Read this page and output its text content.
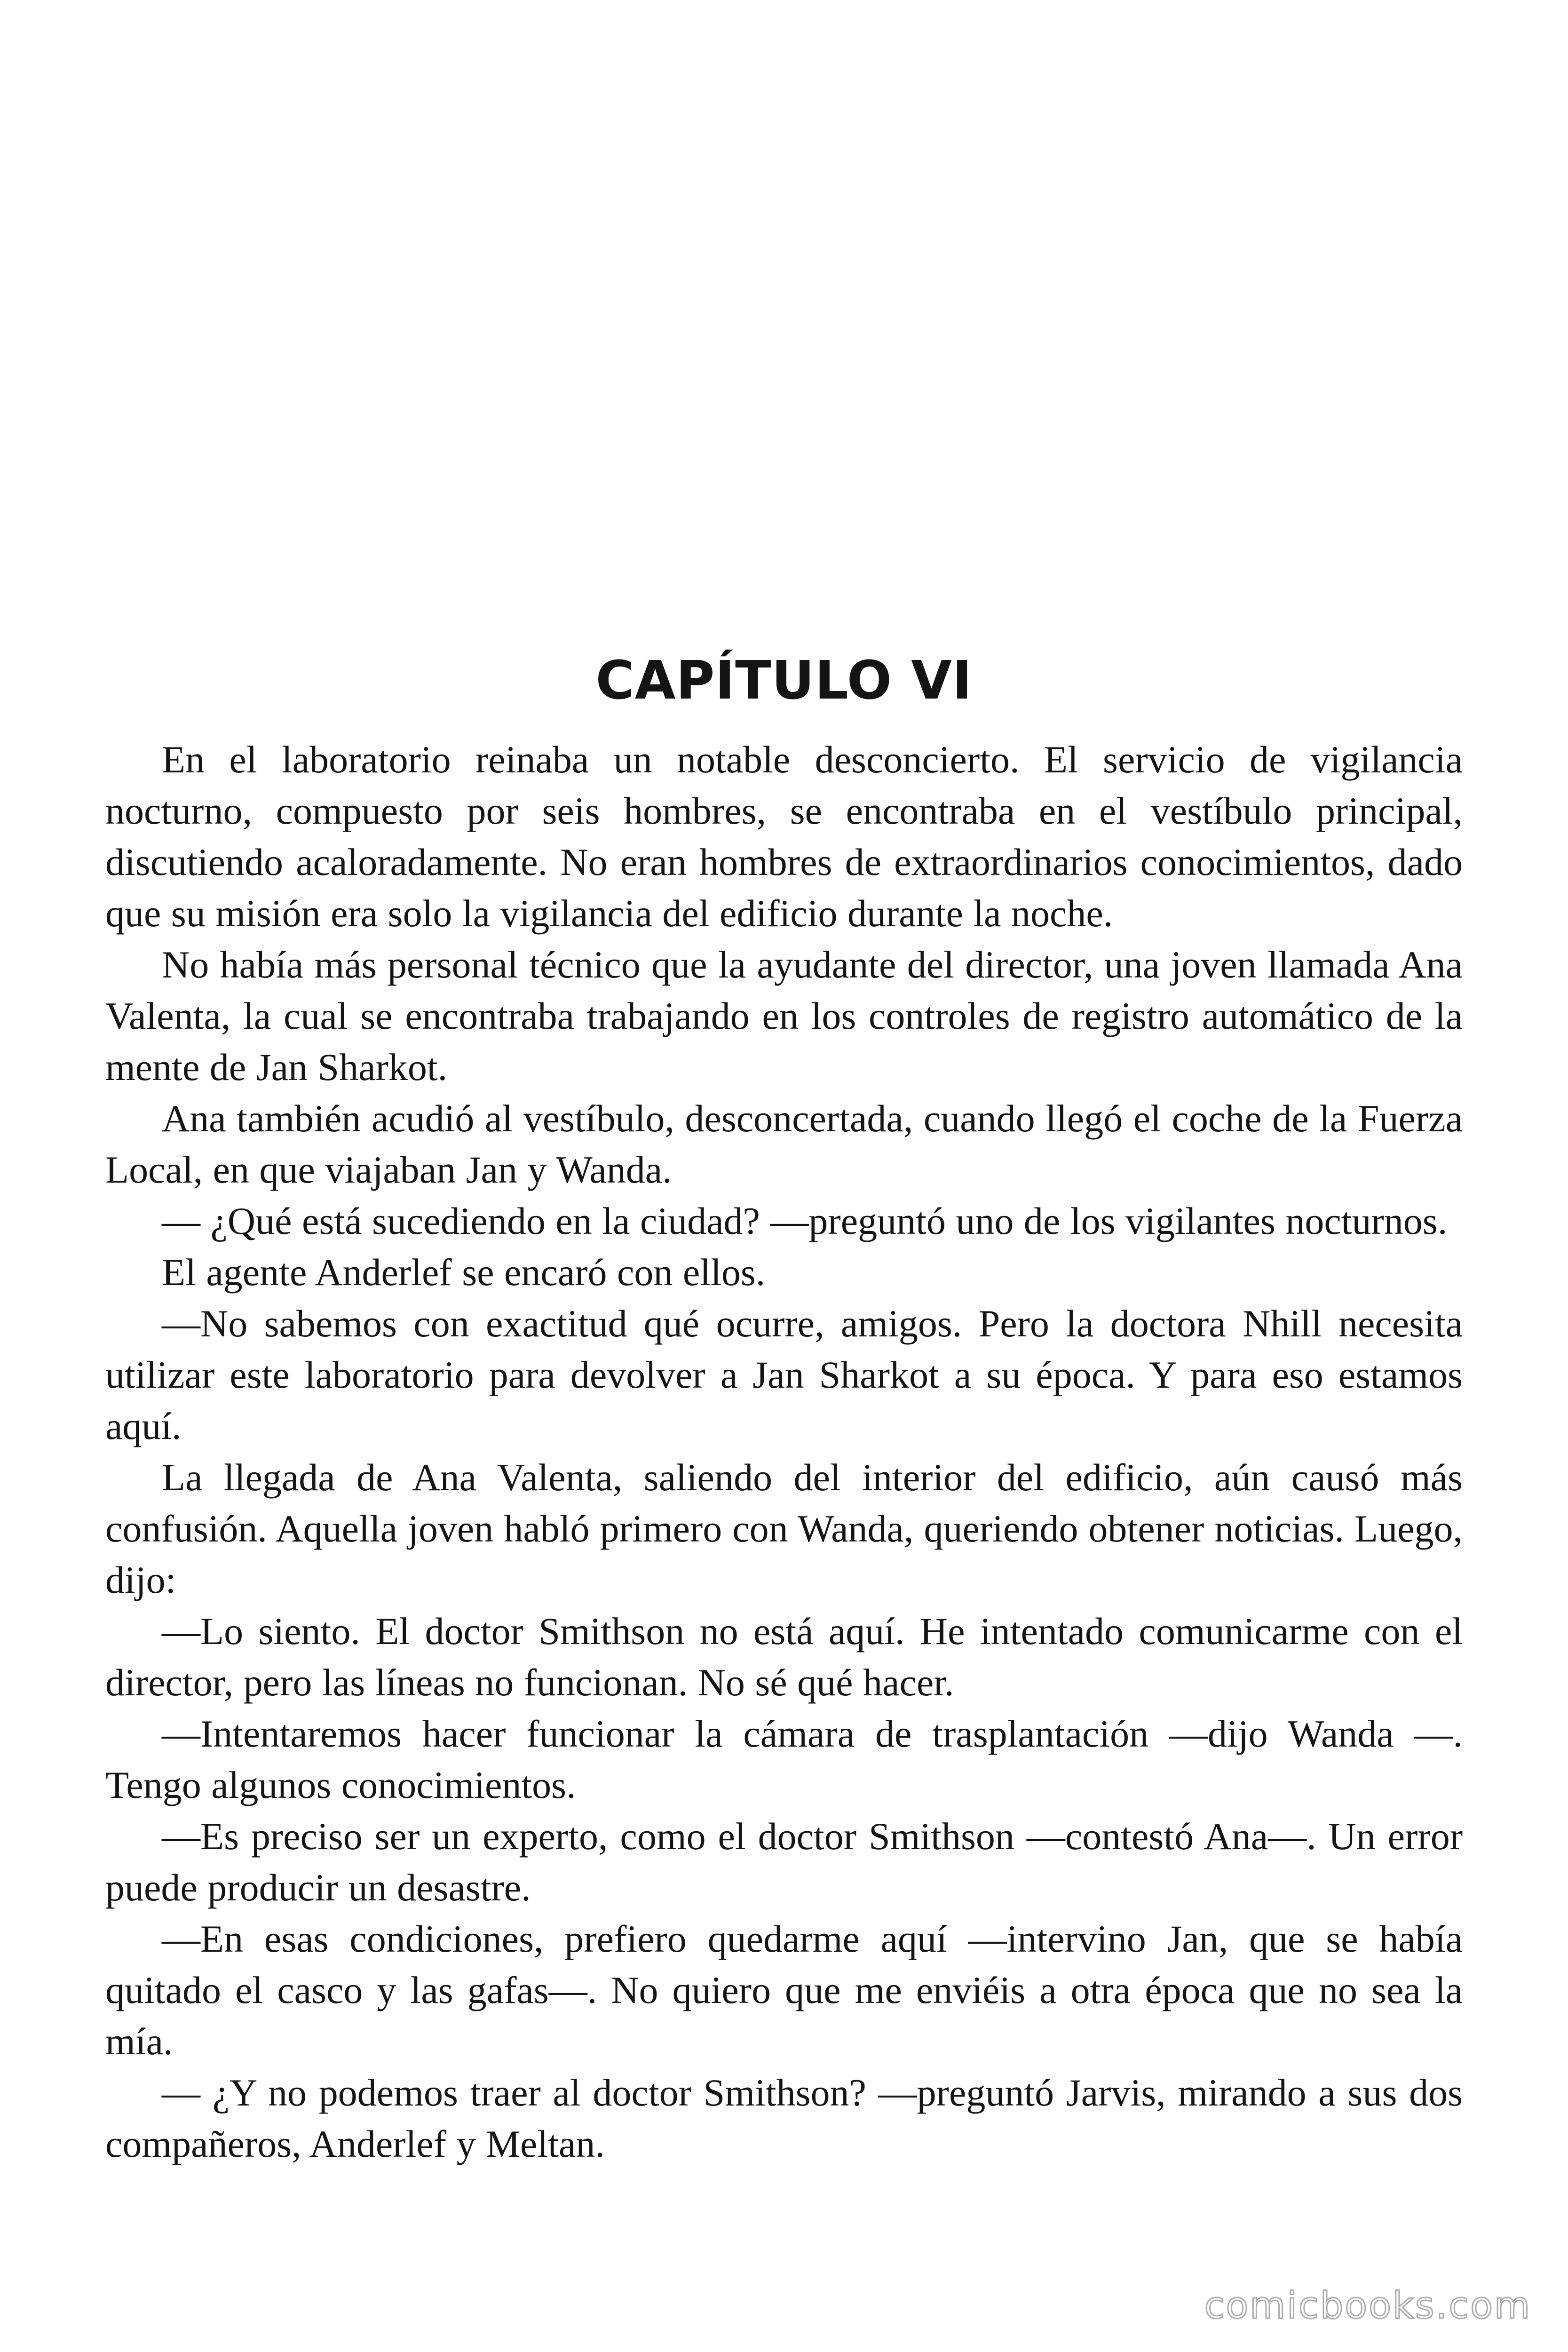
CAPÍTULO VI

En el laboratorio reinaba un notable desconcierto. El servicio de vigilancia nocturno, compuesto por seis hombres, se encontraba en el vestíbulo principal, discutiendo acaloradamente. No eran hombres de extraordinarios conocimientos, dado que su misión era solo la vigilancia del edificio durante la noche.

No había más personal técnico que la ayudante del director, una joven llamada Ana Valenta, la cual se encontraba trabajando en los controles de registro automático de la mente de Jan Sharkot.

Ana también acudió al vestíbulo, desconcertada, cuando llegó el coche de la Fuerza Local, en que viajaban Jan y Wanda.

— ¿Qué está sucediendo en la ciudad? —preguntó uno de los vigilantes nocturnos.

El agente Anderlef se encaró con ellos.

—No sabemos con exactitud qué ocurre, amigos. Pero la doctora Nhill necesita utilizar este laboratorio para devolver a Jan Sharkot a su época. Y para eso estamos aquí.

La llegada de Ana Valenta, saliendo del interior del edificio, aún causó más confusión. Aquella joven habló primero con Wanda, queriendo obtener noticias. Luego, dijo:

—Lo siento. El doctor Smithson no está aquí. He intentado comunicarme con el director, pero las líneas no funcionan. No sé qué hacer.

—Intentaremos hacer funcionar la cámara de trasplantación —dijo Wanda —. Tengo algunos conocimientos.

—Es preciso ser un experto, como el doctor Smithson —contestó Ana—. Un error puede producir un desastre.

—En esas condiciones, prefiero quedarme aquí —intervino Jan, que se había quitado el casco y las gafas—. No quiero que me enviéis a otra época que no sea la mía.

— ¿Y no podemos traer al doctor Smithson? —preguntó Jarvis, mirando a sus dos compañeros, Anderlef y Meltan.

comicbooks.com
